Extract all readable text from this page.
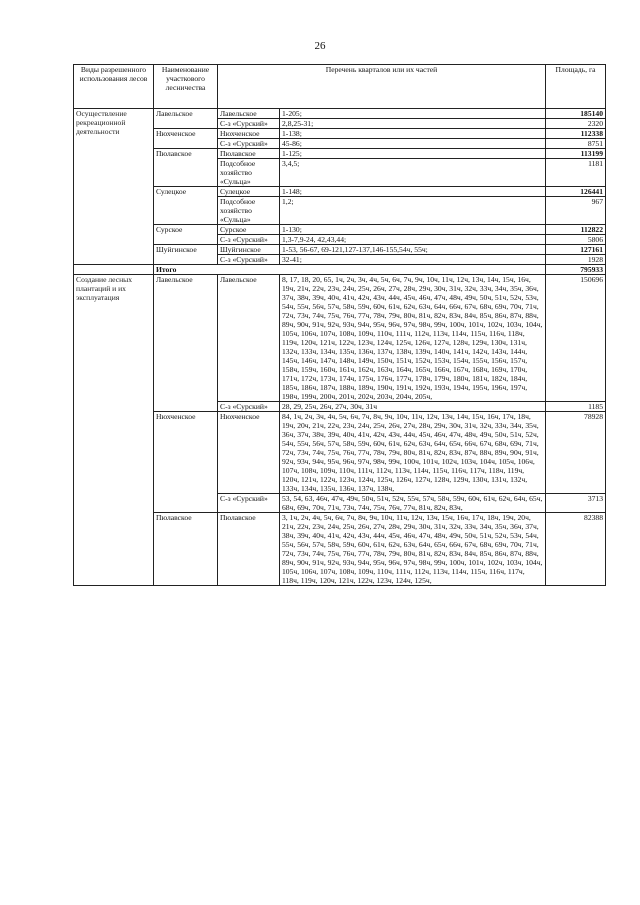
26
Виды разрешенного использования лесов	Наименование участкового лесничества	Перечень кварталов или их частей		Площадь, га
Осуществление рекреационной деятельности	Лавельское	Лавельское	1-205;	185140
		С-з «Сурский»	2,8,25-31;	2320
	Нюхченское	Нюхченское	1-138;	112338
		С-з «Сурский»	45-86;	8751
	Пюлавское	Пюлавское	1-125;	113199
		Подсобное хозяйство «Сульца»	3,4,5;	1181
	Сулецкое	Сулецкое	1-148;	126441
		Подсобное хозяйство «Сульца»	1,2;	967
	Сурское	Сурское	1-130;	112822
		С-з «Сурский»	1,3-7,9-24, 42,43,44;	5806
	Шуйгинское	Шуйгинское	1-53, 56-67, 69-121,127-137,146-155,54ч, 55ч;	127161
		С-з «Сурский»	32-41;	1928
	Итого			795933
Создание лесных плантаций и их эксплуатация	Лавельское	Лавельское	8, 17, 18, 20, 65, 1ч, 2ч, 3ч, 4ч, 5ч, 6ч, 7ч, 9ч, 10ч, 11ч, 12ч, 13ч, 14ч, 15ч, 16ч, 19ч, 21ч, 22ч, 23ч, 24ч, 25ч, 26ч, 27ч, 28ч, 29ч, 30ч, 31ч, 32ч, 33ч, 34ч, 35ч, 36ч, 37ч, 38ч, 39ч, 40ч, 41ч, 42ч, 43ч, 44ч, 45ч, 46ч, 47ч, 48ч, 49ч, 50ч, 51ч, 52ч, 53ч, 54ч, 55ч, 56ч, 57ч, 58ч, 59ч, 60ч, 61ч, 62ч, 63ч, 64ч, 66ч, 67ч, 68ч, 69ч, 70ч, 71ч, 72ч, 73ч, 74ч, 75ч, 76ч, 77ч, 78ч, 79ч, 80ч, 81ч, 82ч, 83ч, 84ч, 85ч, 86ч, 87ч, 88ч, 89ч, 90ч, 91ч, 92ч, 93ч, 94ч, 95ч, 96ч, 97ч, 98ч, 99ч, 100ч, 101ч, 102ч, 103ч, 104ч, 105ч, 106ч, 107ч, 108ч, 109ч, 110ч, 111ч, 112ч, 113ч, 114ч, 115ч, 116ч, 118ч, 119ч, 120ч, 121ч, 122ч, 123ч, 124ч, 125ч, 126ч, 127ч, 128ч, 129ч, 130ч, 131ч, 132ч, 133ч, 134ч, 135ч, 136ч, 137ч, 138ч, 139ч, 140ч, 141ч, 142ч, 143ч, 144ч, 145ч, 146ч, 147ч, 148ч, 149ч, 150ч, 151ч, 152ч, 153ч, 154ч, 155ч, 156ч, 157ч, 158ч, 159ч, 160ч, 161ч, 162ч, 163ч, 164ч, 165ч, 166ч, 167ч, 168ч, 169ч, 170ч, 171ч, 172ч, 173ч, 174ч, 175ч, 176ч, 177ч, 178ч, 179ч, 180ч, 181ч, 182ч, 184ч, 185ч, 186ч, 187ч, 188ч, 189ч, 190ч, 191ч, 192ч, 193ч, 194ч, 195ч, 196ч, 197ч, 198ч, 199ч, 200ч, 201ч, 202ч, 203ч, 204ч, 205ч,	150696
		С-з «Сурский»	28, 29, 25ч, 26ч, 27ч, 30ч, 31ч	1185
	Нюхченское	Нюхченское	84, 1ч, 2ч, 3ч, 4ч, 5ч, 6ч, 7ч, 8ч, 9ч, 10ч, 11ч, 12ч, 13ч, 14ч, 15ч, 16ч, 17ч, 18ч, 19ч, 20ч, 21ч, 22ч, 23ч, 24ч, 25ч, 26ч, 27ч, 28ч, 29ч, 30ч, 31ч, 32ч, 33ч, 34ч, 35ч, 36ч, 37ч, 38ч, 39ч, 40ч, 41ч, 42ч, 43ч, 44ч, 45ч, 46ч, 47ч, 48ч, 49ч, 50ч, 51ч, 52ч, 54ч, 55ч, 56ч, 57ч, 58ч, 59ч, 60ч, 61ч, 62ч, 63ч, 64ч, 65ч, 66ч, 67ч, 68ч, 69ч, 71ч, 72ч, 73ч, 74ч, 75ч, 76ч, 77ч, 78ч, 79ч, 80ч, 81ч, 82ч, 83ч, 87ч, 88ч, 89ч, 90ч, 91ч, 92ч, 93ч, 94ч, 95ч, 96ч, 97ч, 98ч, 99ч, 100ч, 101ч, 102ч, 103ч, 104ч, 105ч, 106ч, 107ч, 108ч, 109ч, 110ч, 111ч, 112ч, 113ч, 114ч, 115ч, 116ч, 117ч, 118ч, 119ч, 120ч, 121ч, 122ч, 123ч, 124ч, 125ч, 126ч, 127ч, 128ч, 129ч, 130ч, 131ч, 132ч, 133ч, 134ч, 135ч, 136ч, 137ч, 138ч,	78928
		С-з «Сурский»	53, 54, 63, 46ч, 47ч, 49ч, 50ч, 51ч, 52ч, 55ч, 57ч, 58ч, 59ч, 60ч, 61ч, 62ч, 64ч, 65ч, 68ч, 69ч, 70ч, 71ч, 73ч, 74ч, 75ч, 76ч, 77ч, 81ч, 82ч, 83ч,	3713
	Пюлавское	Пюлавское	3, 1ч, 2ч, 4ч, 5ч, 6ч, 7ч, 8ч, 9ч, 10ч, 11ч, 12ч, 13ч, 15ч, 16ч, 17ч, 18ч, 19ч, 20ч, 21ч, 22ч, 23ч, 24ч, 25ч, 26ч, 27ч, 28ч, 29ч, 30ч, 31ч, 32ч, 33ч, 34ч, 35ч, 36ч, 37ч, 38ч, 39ч, 40ч, 41ч, 42ч, 43ч, 44ч, 45ч, 46ч, 47ч, 48ч, 49ч, 50ч, 51ч, 52ч, 53ч, 54ч, 55ч, 56ч, 57ч, 58ч, 59ч, 60ч, 61ч, 62ч, 63ч, 64ч, 65ч, 66ч, 67ч, 68ч, 69ч, 70ч, 71ч, 72ч, 73ч, 74ч, 75ч, 76ч, 77ч, 78ч, 79ч, 80ч, 81ч, 82ч, 83ч, 84ч, 85ч, 86ч, 87ч, 88ч, 89ч, 90ч, 91ч, 92ч, 93ч, 94ч, 95ч, 96ч, 97ч, 98ч, 99ч, 100ч, 101ч, 102ч, 103ч, 104ч, 105ч, 106ч, 107ч, 108ч, 109ч, 110ч, 111ч, 112ч, 113ч, 114ч, 115ч, 116ч, 117ч, 118ч, 119ч, 120ч, 121ч, 122ч, 123ч, 124ч, 125ч,	82388
